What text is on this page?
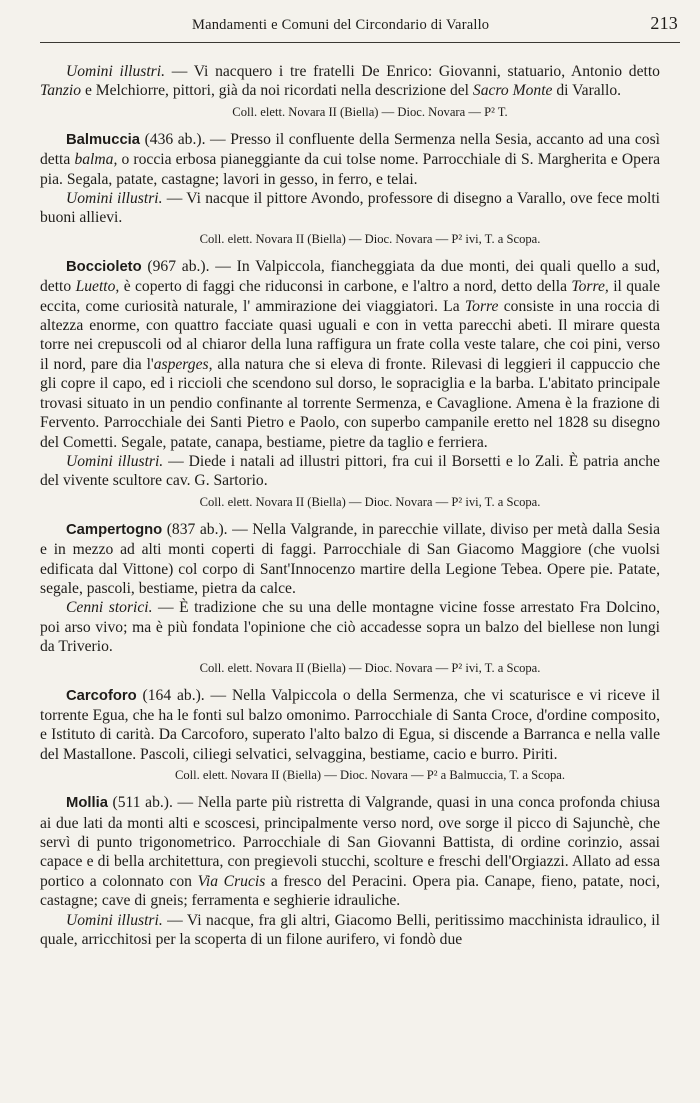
Mandamenti e Comuni del Circondario di Varallo	213

Uomini illustri. — Vi nacquero i tre fratelli De Enrico: Giovanni, statuario, Antonio detto Tanzio e Melchiorre, pittori, già da noi ricordati nella descrizione del Sacro Monte di Varallo.

Coll. elett. Novara II (Biella) — Dioc. Novara — P² T.

Balmuccia (436 ab.). — Presso il confluente della Sermenza nella Sesia, accanto ad una così detta balma, o roccia erbosa pianeggiante da cui tolse nome. Parrocchiale di S. Margherita e Opera pia. Segala, patate, castagne; lavori in gesso, in ferro, e telai.

Uomini illustri. — Vi nacque il pittore Avondo, professore di disegno a Varallo, ove fece molti buoni allievi.

Coll. elett. Novara II (Biella) — Dioc. Novara — P² ivi, T. a Scopa.

Boccioleto (967 ab.). — In Valpiccola, fiancheggiata da due monti, dei quali quello a sud, detto Luetto, è coperto di faggi che riduconsi in carbone, e l'altro a nord, detto della Torre, il quale eccita, come curiosità naturale, l' ammirazione dei viaggiatori. La Torre consiste in una roccia di altezza enorme, con quattro facciate quasi uguali e con in vetta parecchi abeti. Il mirare questa torre nei crepuscoli od al chiaror della luna raffigura un frate colla veste talare, che coi pini, verso il nord, pare dia l'asperges, alla natura che si eleva di fronte. Rilevasi di leggieri il cappuccio che gli copre il capo, ed i riccioli che scendono sul dorso, le sopraciglia e la barba. L'abitato principale trovasi situato in un pendio confinante al torrente Sermenza, e Cavaglione. Amena è la frazione di Fervento. Parrocchiale dei Santi Pietro e Paolo, con superbo campanile eretto nel 1828 su disegno del Cometti. Segale, patate, canapa, bestiame, pietre da taglio e ferriera.

Uomini illustri. — Diede i natali ad illustri pittori, fra cui il Borsetti e lo Zali. È patria anche del vivente scultore cav. G. Sartorio.

Coll. elett. Novara II (Biella) — Dioc. Novara — P² ivi, T. a Scopa.

Campertogno (837 ab.). — Nella Valgrande, in parecchie villate, diviso per metà dalla Sesia e in mezzo ad alti monti coperti di faggi. Parrocchiale di San Giacomo Maggiore (che vuolsi edificata dal Vittone) col corpo di Sant'Innocenzo martire della Legione Tebea. Opere pie. Patate, segale, pascoli, bestiame, pietra da calce.

Cenni storici. — È tradizione che su una delle montagne vicine fosse arrestato Fra Dolcino, poi arso vivo; ma è più fondata l'opinione che ciò accadesse sopra un balzo del biellese non lungi da Triverio.

Coll. elett. Novara II (Biella) — Dioc. Novara — P² ivi, T. a Scopa.

Carcoforo (164 ab.). — Nella Valpiccola o della Sermenza, che vi scaturisce e vi riceve il torrente Egua, che ha le fonti sul balzo omonimo. Parrocchiale di Santa Croce, d'ordine composito, e Istituto di carità. Da Carcoforo, superato l'alto balzo di Egua, si discende a Barranca e nella valle del Mastallone. Pascoli, ciliegi selvatici, selvaggina, bestiame, cacio e burro. Piriti.

Coll. elett. Novara II (Biella) — Dioc. Novara — P² a Balmuccia, T. a Scopa.

Mollia (511 ab.). — Nella parte più ristretta di Valgrande, quasi in una conca profonda chiusa ai due lati da monti alti e scoscesi, principalmente verso nord, ove sorge il picco di Sajunchè, che servì di punto trigonometrico. Parrocchiale di San Giovanni Battista, di ordine corinzio, assai capace e di bella architettura, con pregievoli stucchi, scolture e freschi dell'Orgiazzi. Allato ad essa portico a colonnato con Via Crucis a fresco del Peracini. Opera pia. Canape, fieno, patate, noci, castagne; cave di gneis; ferramenta e seghierie idrauliche.

Uomini illustri. — Vi nacque, fra gli altri, Giacomo Belli, peritissimo macchinista idraulico, il quale, arricchitosi per la scoperta di un filone aurifero, vi fondò due
